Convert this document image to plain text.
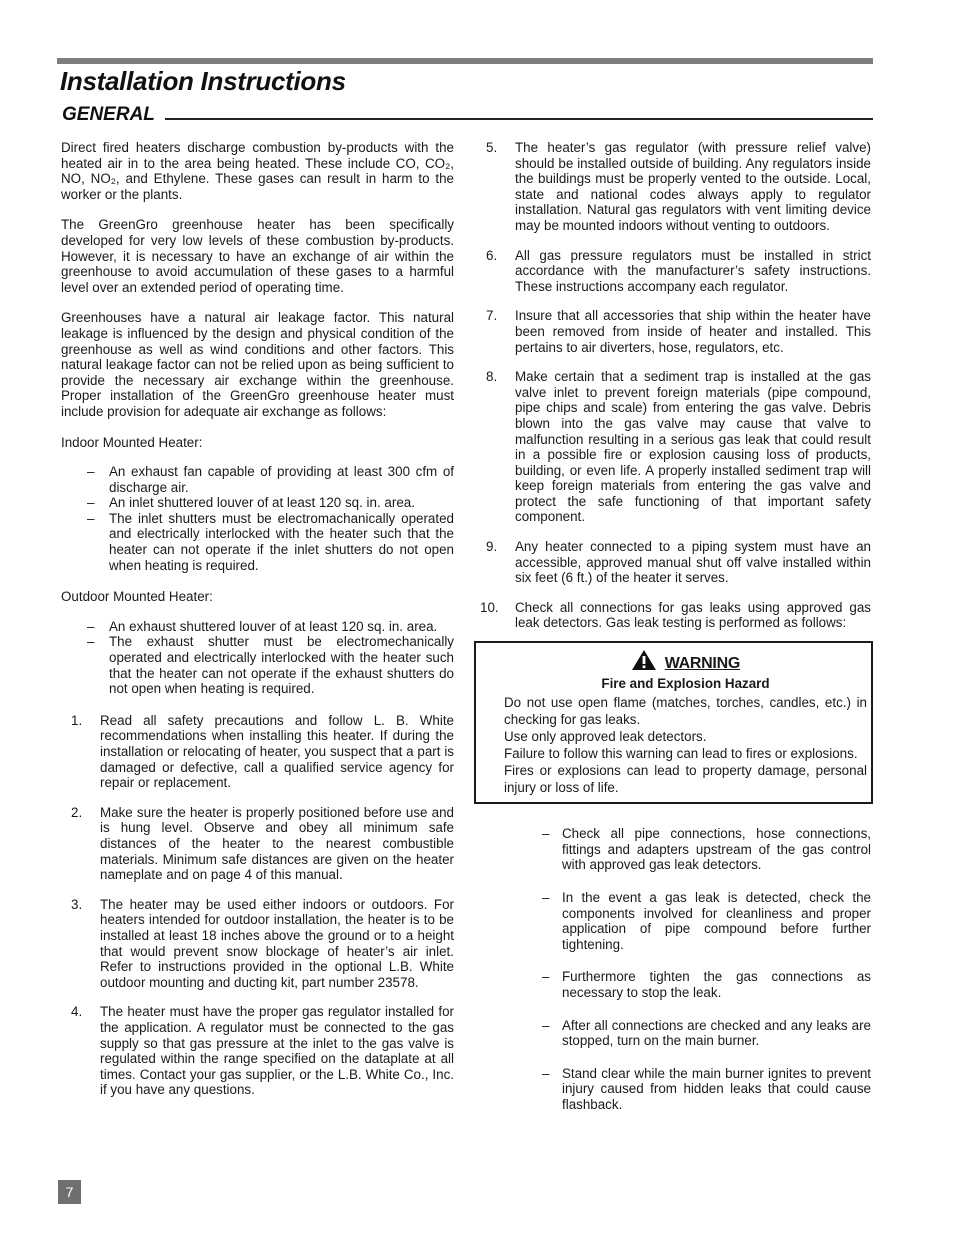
Installation Instructions
GENERAL

Direct fired heaters discharge combustion by-products with the heated air in to the area being heated. These include CO, CO₂, NO, NO₂, and Ethylene. These gases can result in harm to the worker or the plants.

The GreenGro greenhouse heater has been specifically developed for very low levels of these combustion by-products. However, it is necessary to have an exchange of air within the greenhouse to avoid accumulation of these gases to a harmful level over an extended period of operating time.

Greenhouses have a natural air leakage factor. This natural leakage is influenced by the design and physical condition of the greenhouse as well as wind conditions and other factors. This natural leakage factor can not be relied upon as being sufficient to provide the necessary air exchange within the greenhouse. Proper installation of the GreenGro greenhouse heater must include provision for adequate air exchange as follows:

Indoor Mounted Heater:
– An exhaust fan capable of providing at least 300 cfm of discharge air.
– An inlet shuttered louver of at least 120 sq. in. area.
– The inlet shutters must be electromachanically operated and electrically interlocked with the heater such that the heater can not operate if the inlet shutters do not open when heating is required.
Outdoor Mounted Heater:
– An exhaust shuttered louver of at least 120 sq. in. area.
– The exhaust shutter must be electromechanically operated and electrically interlocked with the heater such that the heater can not operate if the exhaust shutters do not open when heating is required.
1. Read all safety precautions and follow L. B. White recommendations when installing this heater. If during the installation or relocating of heater, you suspect that a part is damaged or defective, call a qualified service agency for repair or replacement.
2. Make sure the heater is properly positioned before use and is hung level. Observe and obey all minimum safe distances of the heater to the nearest combustible materials. Minimum safe distances are given on the heater nameplate and on page 4 of this manual.
3. The heater may be used either indoors or outdoors. For heaters intended for outdoor installation, the heater is to be installed at least 18 inches above the ground or to a height that would prevent snow blockage of heater’s air inlet. Refer to instructions provided in the optional L.B. White outdoor mounting and ducting kit, part number 23578.
4. The heater must have the proper gas regulator installed for the application. A regulator must be connected to the gas supply so that gas pressure at the inlet to the gas valve is regulated within the range specified on the dataplate at all times. Contact your gas supplier, or the L.B. White Co., Inc. if you have any questions.
5. The heater’s gas regulator (with pressure relief valve) should be installed outside of building. Any regulators inside the buildings must be properly vented to the outside. Local, state and national codes always apply to regulator installation. Natural gas regulators with vent limiting device may be mounted indoors without venting to outdoors.
6. All gas pressure regulators must be installed in strict accordance with the manufacturer’s safety instructions. These instructions accompany each regulator.
7. Insure that all accessories that ship within the heater have been removed from inside of heater and installed. This pertains to air diverters, hose, regulators, etc.
8. Make certain that a sediment trap is installed at the gas valve inlet to prevent foreign materials (pipe compound, pipe chips and scale) from entering the gas valve. Debris blown into the gas valve may cause that valve to malfunction resulting in a serious gas leak that could result in a possible fire or explosion causing loss of products, building, or even life. A properly installed sediment trap will keep foreign materials from entering the gas valve and protect the safe functioning of that important safety component.
9. Any heater connected to a piping system must have an accessible, approved manual shut off valve installed within six feet (6 ft.) of the heater it serves.
10. Check all connections for gas leaks using approved gas leak detectors. Gas leak testing is performed as follows:
WARNING
Fire and Explosion Hazard
Do not use open flame (matches, torches, candles, etc.) in checking for gas leaks.
Use only approved leak detectors.
Failure to follow this warning can lead to fires or explosions.
Fires or explosions can lead to property damage, personal injury or loss of life.
– Check all pipe connections, hose connections, fittings and adapters upstream of the gas control with approved gas leak detectors.
– In the event a gas leak is detected, check the components involved for cleanliness and proper application of pipe compound before further tightening.
– Furthermore tighten the gas connections as necessary to stop the leak.
– After all connections are checked and any leaks are stopped, turn on the main burner.
– Stand clear while the main burner ignites to prevent injury caused from hidden leaks that could cause flashback.
7
